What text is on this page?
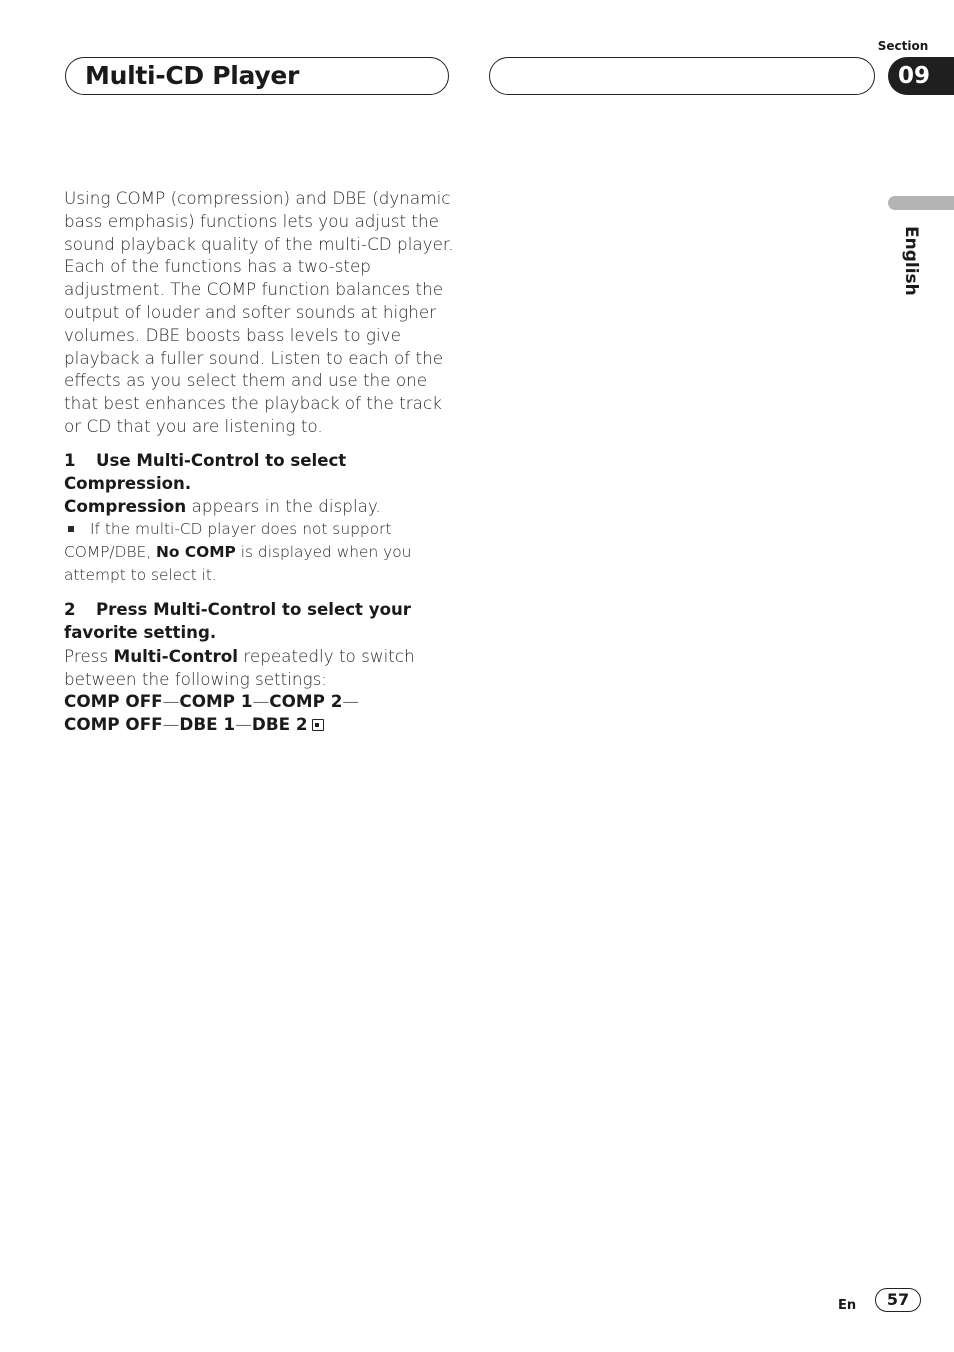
Multi-CD Player
Section
09
English

Using COMP (compression) and DBE (dynamic bass emphasis) functions lets you adjust the sound playback quality of the multi-CD player. Each of the functions has a two-step adjustment. The COMP function balances the output of louder and softer sounds at higher volumes. DBE boosts bass levels to give playback a fuller sound. Listen to each of the effects as you select them and use the one that best enhances the playback of the track or CD that you are listening to.

1 Use Multi-Control to select Compression.

Compression appears in the display.

If the multi-CD player does not support COMP/DBE, No COMP is displayed when you attempt to select it.

2 Press Multi-Control to select your favorite setting.

Press Multi-Control repeatedly to switch between the following settings:

COMP OFF—COMP 1—COMP 2—
COMP OFF—DBE 1—DBE 2

En	57
